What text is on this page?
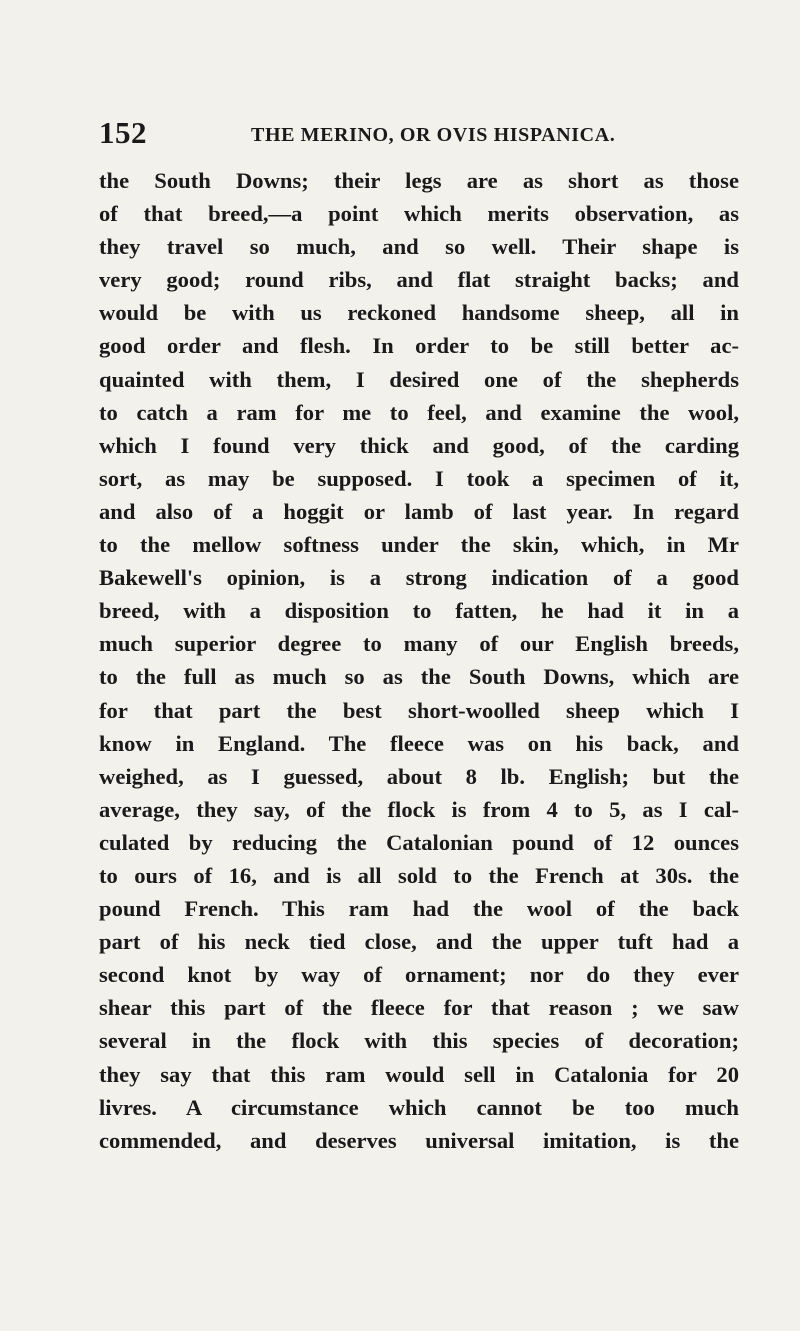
152	THE MERINO, OR OVIS HISPANICA.
the South Downs; their legs are as short as those
of that breed,—a point which merits observation, as
they travel so much, and so well. Their shape is
very good; round ribs, and flat straight backs; and
would be with us reckoned handsome sheep, all in
good order and flesh. In order to be still better ac-
quainted with them, I desired one of the shepherds
to catch a ram for me to feel, and examine the wool,
which I found very thick and good, of the carding
sort, as may be supposed. I took a specimen of it,
and also of a hoggit or lamb of last year. In regard
to the mellow softness under the skin, which, in Mr
Bakewell's opinion, is a strong indication of a good
breed, with a disposition to fatten, he had it in a
much superior degree to many of our English breeds,
to the full as much so as the South Downs, which are
for that part the best short-woolled sheep which I
know in England. The fleece was on his back, and
weighed, as I guessed, about 8 lb. English; but the
average, they say, of the flock is from 4 to 5, as I cal-
culated by reducing the Catalonian pound of 12 ounces
to ours of 16, and is all sold to the French at 30s. the
pound French. This ram had the wool of the back
part of his neck tied close, and the upper tuft had a
second knot by way of ornament; nor do they ever
shear this part of the fleece for that reason ; we saw
several in the flock with this species of decoration;
they say that this ram would sell in Catalonia for 20
livres. A circumstance which cannot be too much
commended, and deserves universal imitation, is the
